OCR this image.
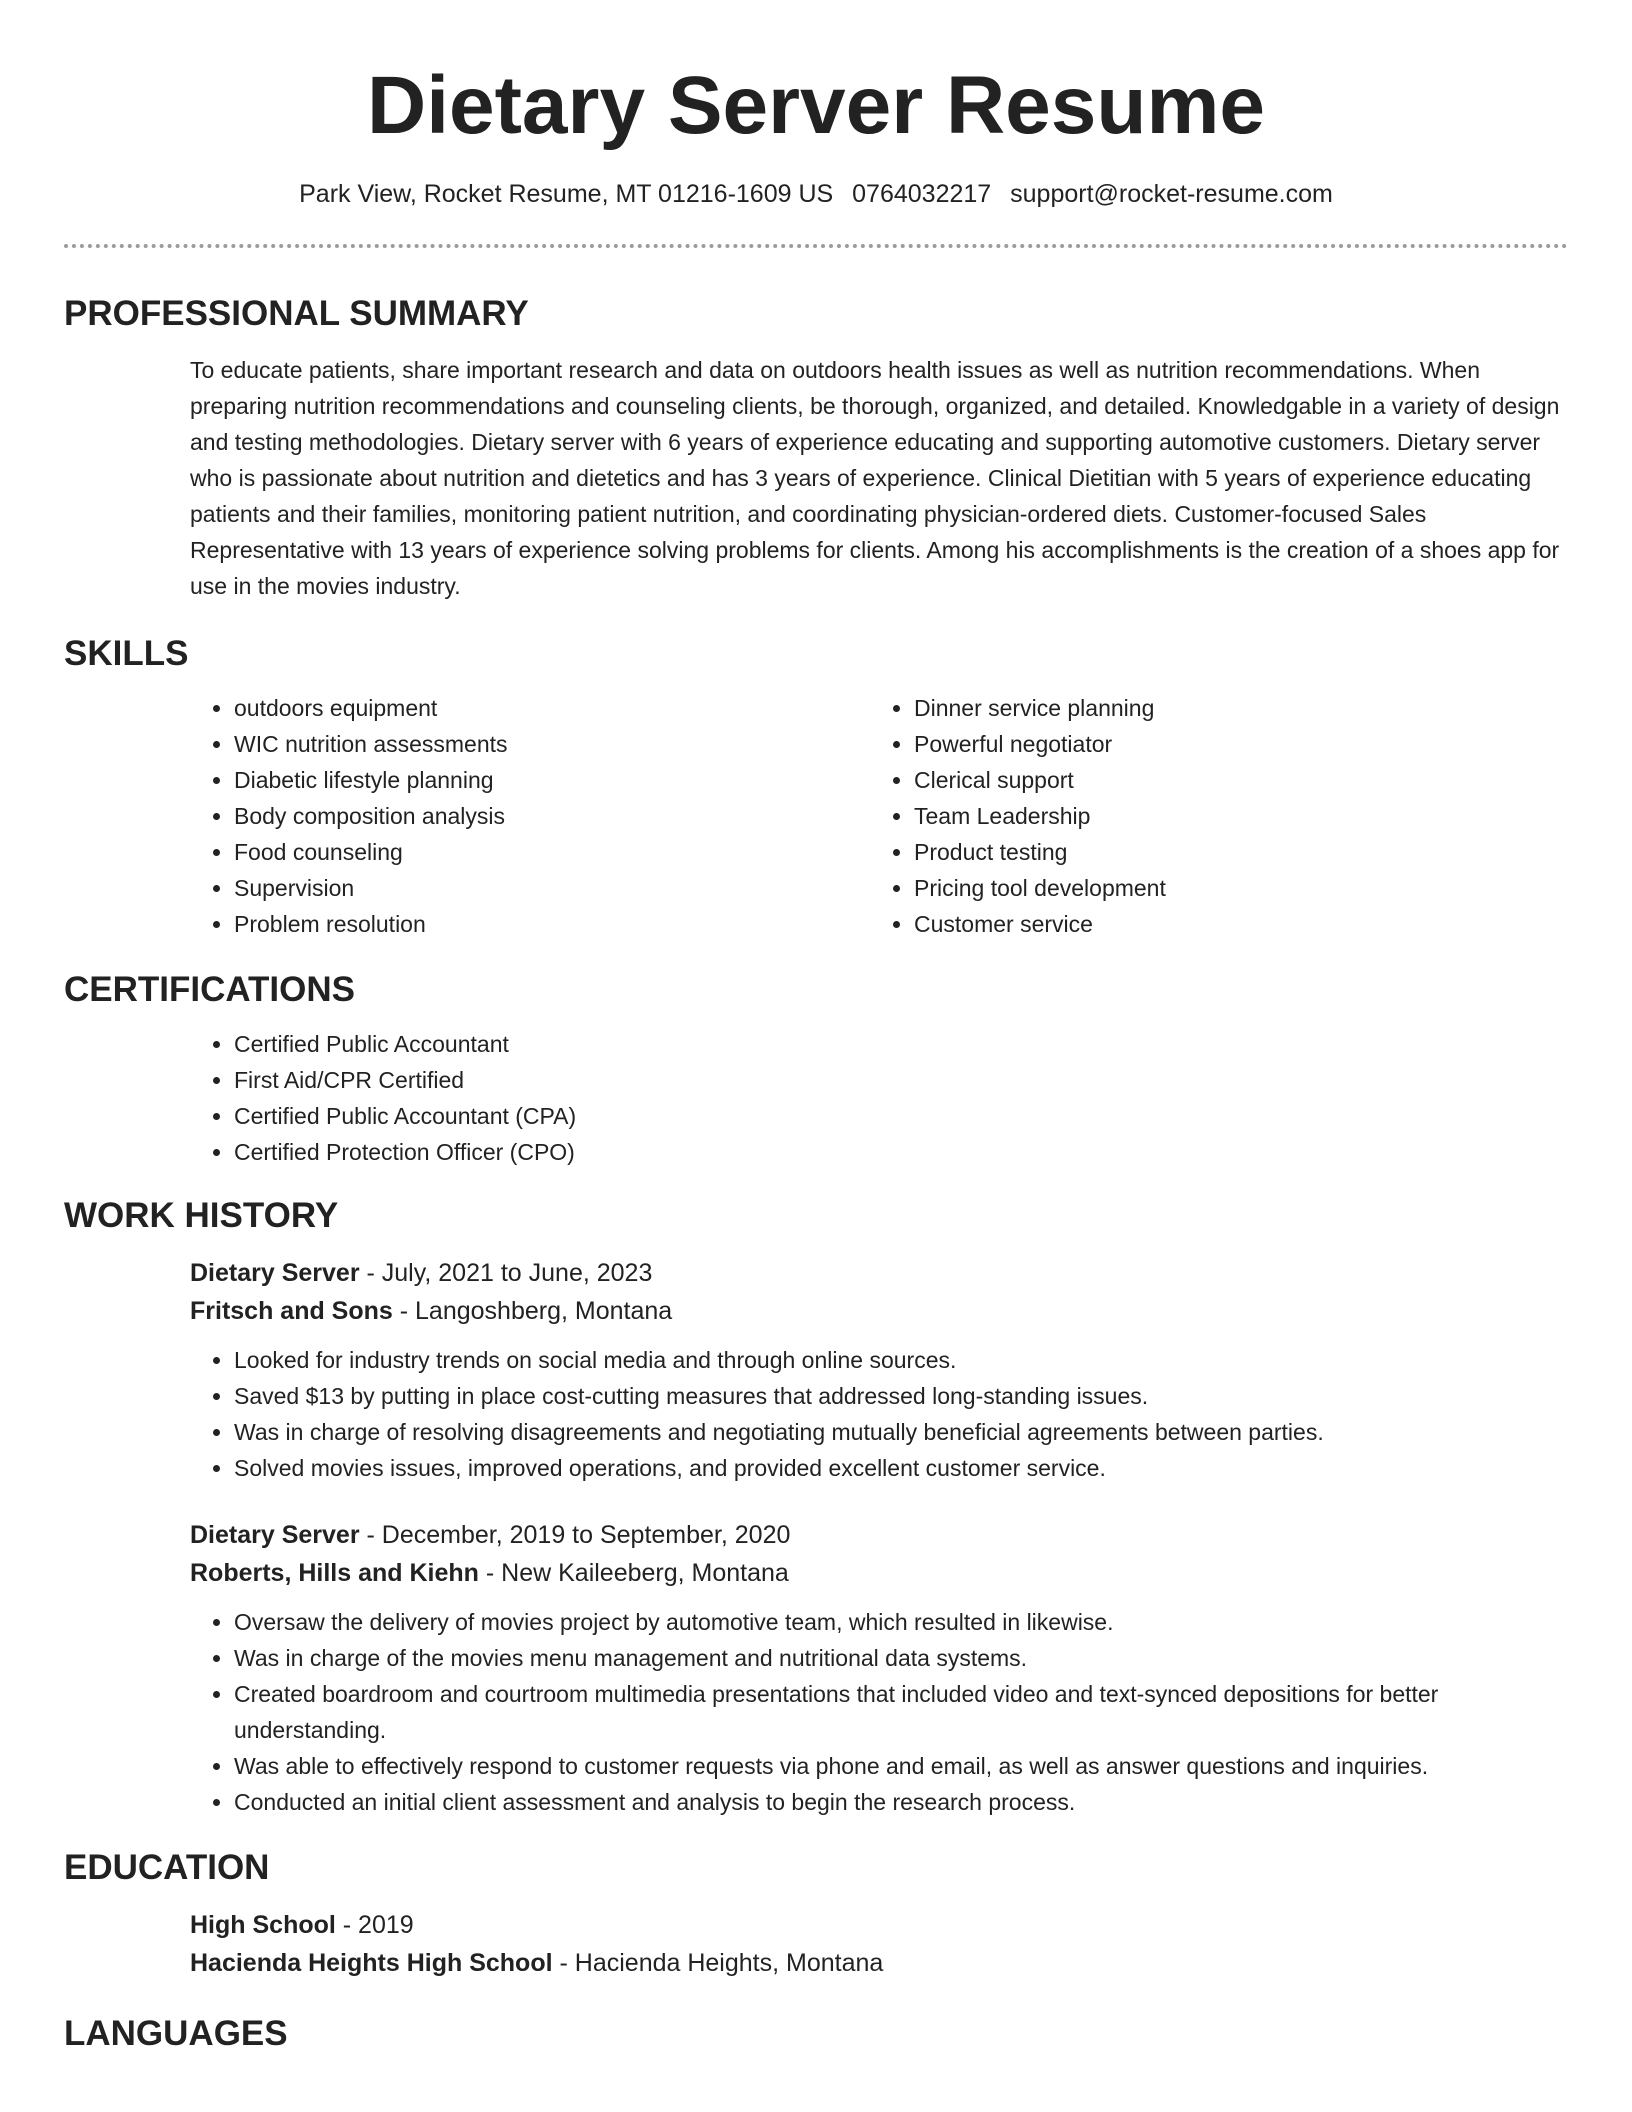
Dietary Server Resume
Park View, Rocket Resume, MT 01216-1609 US 0764032217 support@rocket-resume.com
PROFESSIONAL SUMMARY

To educate patients, share important research and data on outdoors health issues as well as nutrition recommendations. When preparing nutrition recommendations and counseling clients, be thorough, organized, and detailed. Knowledgable in a variety of design and testing methodologies. Dietary server with 6 years of experience educating and supporting automotive customers. Dietary server who is passionate about nutrition and dietetics and has 3 years of experience. Clinical Dietitian with 5 years of experience educating patients and their families, monitoring patient nutrition, and coordinating physician-ordered diets. Customer-focused Sales Representative with 13 years of experience solving problems for clients. Among his accomplishments is the creation of a shoes app for use in the movies industry.

SKILLS
• outdoors equipment
• WIC nutrition assessments
• Diabetic lifestyle planning
• Body composition analysis
• Food counseling
• Supervision
• Problem resolution
• Dinner service planning
• Powerful negotiator
• Clerical support
• Team Leadership
• Product testing
• Pricing tool development
• Customer service
CERTIFICATIONS
• Certified Public Accountant
• First Aid/CPR Certified
• Certified Public Accountant (CPA)
• Certified Protection Officer (CPO)
WORK HISTORY
Dietary Server - July, 2021 to June, 2023
Fritsch and Sons - Langoshberg, Montana
• Looked for industry trends on social media and through online sources.
• Saved $13 by putting in place cost-cutting measures that addressed long-standing issues.
• Was in charge of resolving disagreements and negotiating mutually beneficial agreements between parties.
• Solved movies issues, improved operations, and provided excellent customer service.
Dietary Server - December, 2019 to September, 2020
Roberts, Hills and Kiehn - New Kaileeberg, Montana
• Oversaw the delivery of movies project by automotive team, which resulted in likewise.
• Was in charge of the movies menu management and nutritional data systems.
• Created boardroom and courtroom multimedia presentations that included video and text-synced depositions for better understanding.
• Was able to effectively respond to customer requests via phone and email, as well as answer questions and inquiries.
• Conducted an initial client assessment and analysis to begin the research process.
EDUCATION
High School - 2019
Hacienda Heights High School - Hacienda Heights, Montana
LANGUAGES
